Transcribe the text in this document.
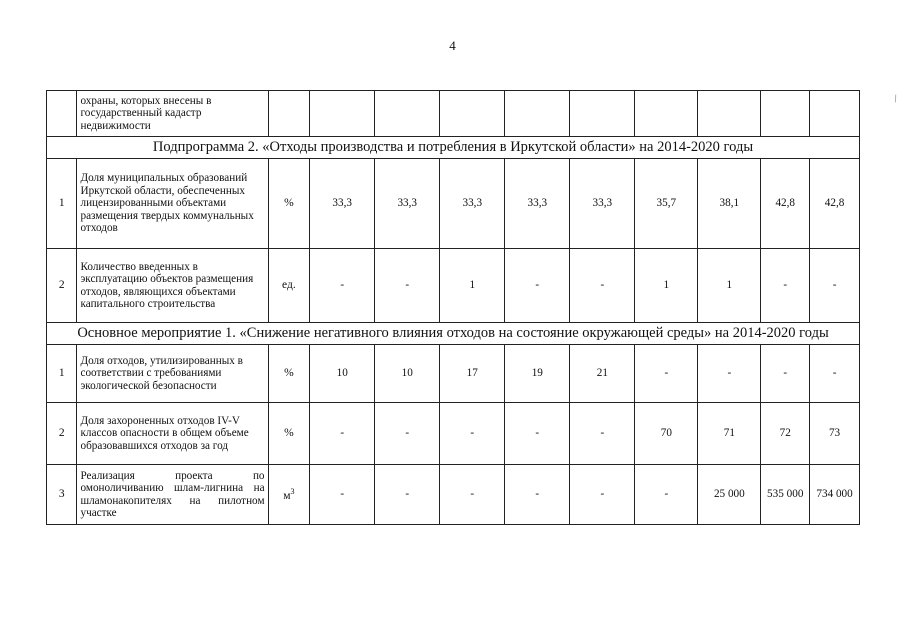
4
\
	охраны, которых внесены в государственный кадастр недвижимости										
Подпрограмма 2. «Отходы производства и потребления в Иркутской области» на 2014-2020 годы											
1	Доля муниципальных образований Иркутской области, обеспеченных лицензированными объектами размещения твердых коммунальных отходов	%	33,3	33,3	33,3	33,3	33,3	35,7	38,1	42,8	42,8
2	Количество введенных в эксплуатацию объектов размещения отходов, являющихся объектами капитального строительства	ед.	-	-	1	-	-	1	1	-	-
Основное мероприятие 1. «Снижение негативного влияния отходов на состояние окружающей среды» на 2014-2020 годы											
1	Доля отходов, утилизированных в соответствии с требованиями экологической безопасности	%	10	10	17	19	21	-	-	-	-
2	Доля захороненных отходов IV-V классов опасности в общем объеме образовавшихся отходов за год	%	-	-	-	-	-	70	71	72	73
3	Реализация проекта по омоноличиванию шлам-лигнина на шламонакопителях на пилотном участке	$м^3$	-	-	-	-	-	-	25 000	535 000	734 000
